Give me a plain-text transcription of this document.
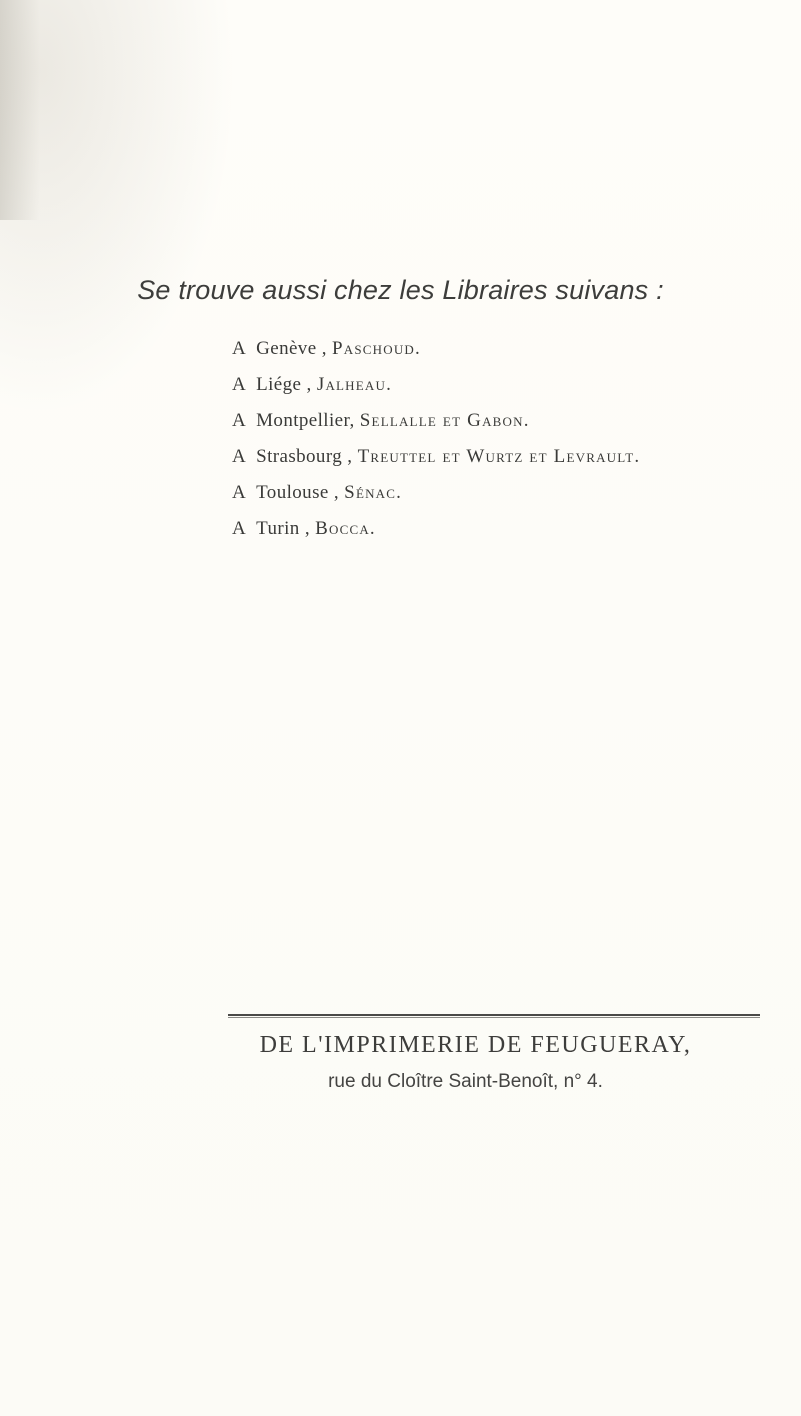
Se trouve aussi chez les Libraires suivans :
A Genève , Paschoud.
A Liége , Jalheau.
A Montpellier, Sellalle et Gabon.
A Strasbourg , Treuttel et Wurtz et Levrault.
A Toulouse , Sénac.
A Turin , Bocca.
DE L'IMPRIMERIE DE FEUGUERAY,
rue du Cloître Saint-Benoît, n° 4.
